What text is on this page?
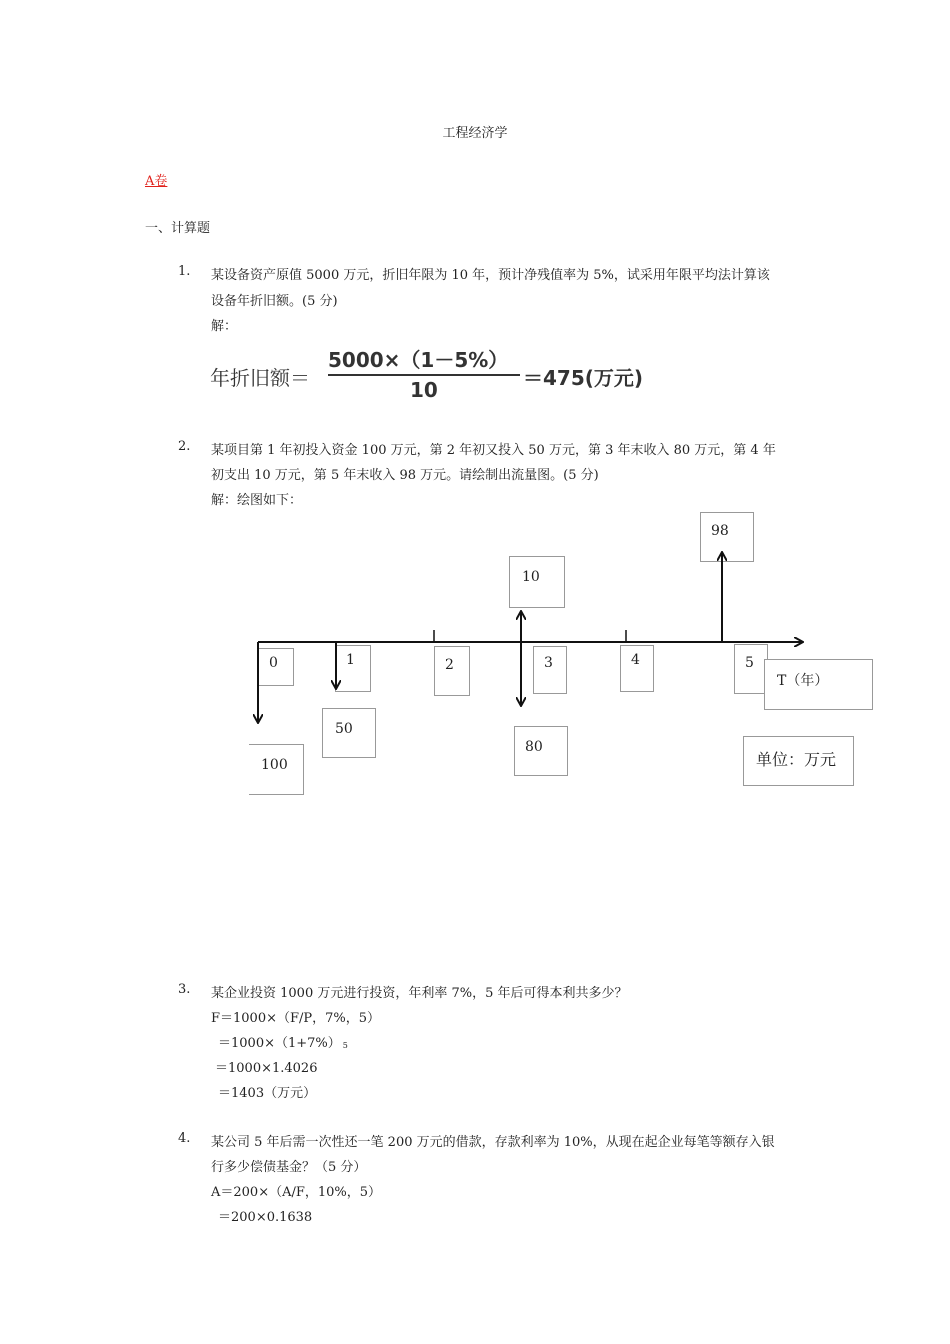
工程经济学
A卷
一、计算题
1. 某设备资产原值 5000 万元，折旧年限为 10 年，预计净残值率为 5%，试采用年限平均法计算该
设备年折旧额。(5 分)
解：
年折旧额＝
5000×（1－5%）
10	＝475(万元)
2. 某项目第 1 年初投入资金 100 万元，第 2 年初又投入 50 万元，第 3 年末收入 80 万元，第 4 年
初支出 10 万元，第 5 年末收入 98 万元。请绘制出流量图。(5 分)
解：绘图如下：
98
10
0	1	2	3	4	5
T（年）
50
80
100	单位：万元
3. 某企业投资 1000 万元进行投资，年利率 7%，5 年后可得本利共多少？
F＝1000×（F/P，7%，5）
＝1000×（1+7%） 5
＝1000×1.4026
＝1403（万元）
4. 某公司 5 年后需一次性还一笔 200 万元的借款，存款利率为 10%，从现在起企业每笔等额存入银
行多少偿债基金？（5 分）
A＝200×（A/F，10%，5）
＝200×0.1638
